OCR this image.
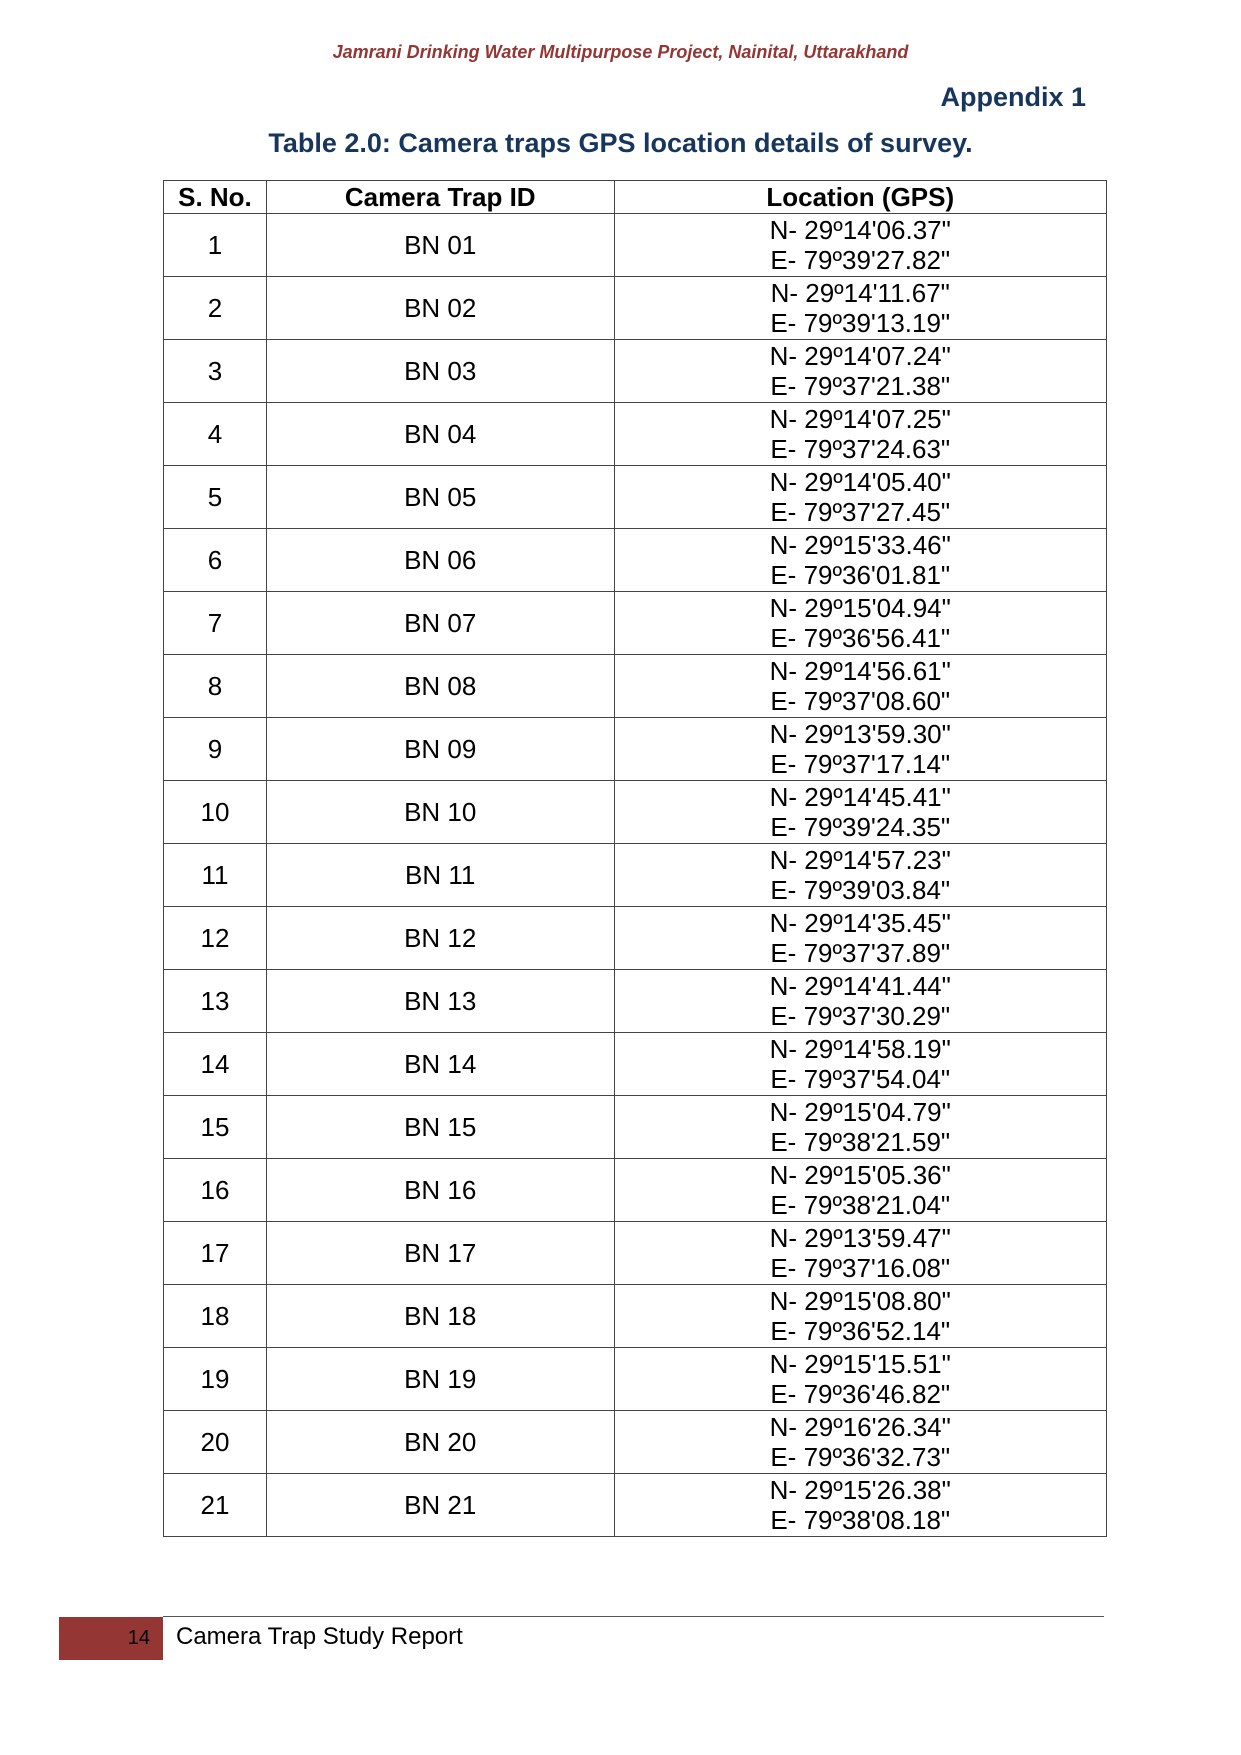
Jamrani Drinking Water Multipurpose Project, Nainital, Uttarakhand
Appendix 1
Table 2.0: Camera traps GPS location details of survey.
S. No.	Camera Trap ID	Location (GPS)
1	BN 01	N- 29º14'06.37"
E- 79º39'27.82"

2	BN 02	N- 29º14'11.67"
E- 79º39'13.19"

3	BN 03	N- 29º14'07.24"
E- 79º37'21.38"

4	BN 04	N- 29º14'07.25"
E- 79º37'24.63"

5	BN 05	N- 29º14'05.40"
E- 79º37'27.45"

6	BN 06	N- 29º15'33.46"
E- 79º36'01.81"

7	BN 07	N- 29º15'04.94"
E- 79º36'56.41"

8	BN 08	N- 29º14'56.61"
E- 79º37'08.60"

9	BN 09	N- 29º13'59.30"
E- 79º37'17.14"

10	BN 10	N- 29º14'45.41"
E- 79º39'24.35"

11	BN 11	N- 29º14'57.23"
E- 79º39'03.84"

12	BN 12	N- 29º14'35.45"
E- 79º37'37.89"

13	BN 13	N- 29º14'41.44"
E- 79º37'30.29"

14	BN 14	N- 29º14'58.19"
E- 79º37'54.04"

15	BN 15	N- 29º15'04.79"
E- 79º38'21.59"

16	BN 16	N- 29º15'05.36"
E- 79º38'21.04"

17	BN 17	N- 29º13'59.47"
E- 79º37'16.08"

18	BN 18	N- 29º15'08.80"
E- 79º36'52.14"

19	BN 19	N- 29º15'15.51"
E- 79º36'46.82"

20	BN 20	N- 29º16'26.34"
E- 79º36'32.73"

21	BN 21	N- 29º15'26.38"
E- 79º38'08.18"
14 Camera Trap Study Report
